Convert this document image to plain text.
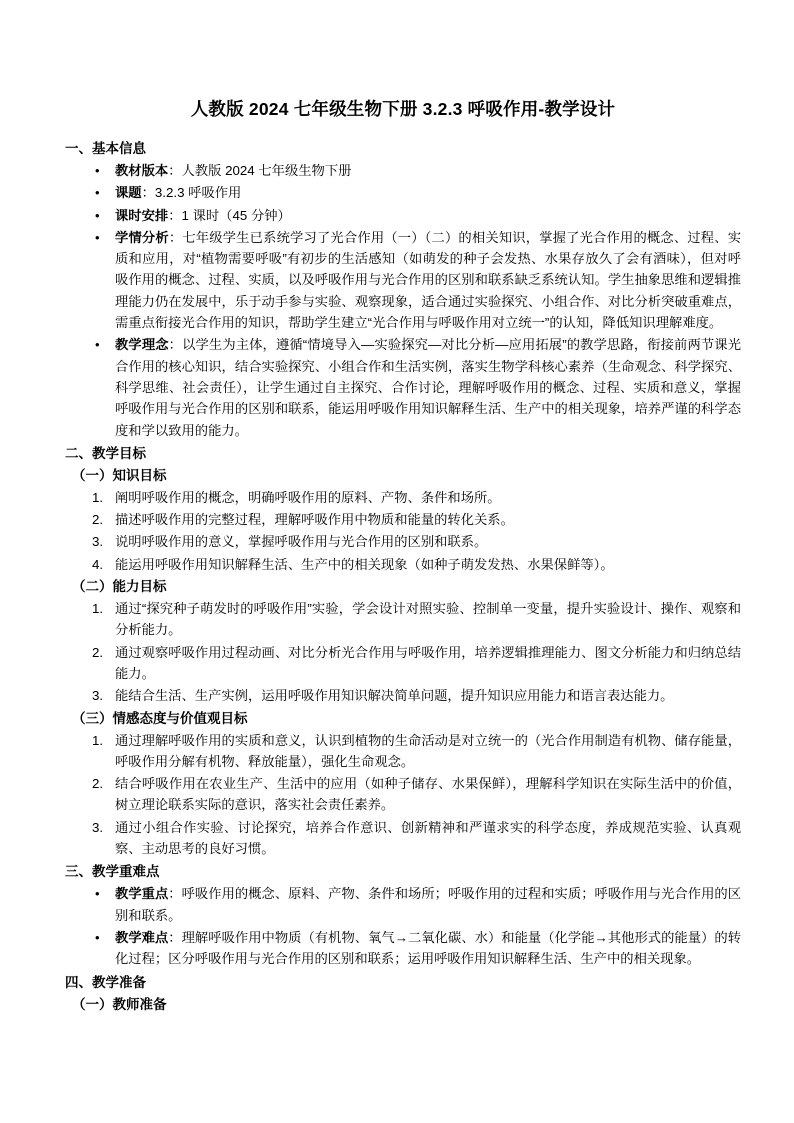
人教版 2024 七年级生物下册 3.2.3 呼吸作用-教学设计
一、基本信息
• 教材版本：人教版 2024 七年级生物下册
• 课题：3.2.3 呼吸作用
• 课时安排：1 课时（45 分钟）
• 学情分析：七年级学生已系统学习了光合作用（一）（二）的相关知识，掌握了光合作用的概念、过程、实质和应用，对“植物需要呼吸”有初步的生活感知（如萌发的种子会发热、水果存放久了会有酒味），但对呼吸作用的概念、过程、实质，以及呼吸作用与光合作用的区别和联系缺乏系统认知。学生抽象思维和逻辑推理能力仍在发展中，乐于动手参与实验、观察现象，适合通过实验探究、小组合作、对比分析突破重难点，需重点衔接光合作用的知识，帮助学生建立“光合作用与呼吸作用对立统一”的认知，降低知识理解难度。
• 教学理念：以学生为主体，遵循“情境导入—实验探究—对比分析—应用拓展”的教学思路，衔接前两节课光合作用的核心知识，结合实验探究、小组合作和生活实例，落实生物学科核心素养（生命观念、科学探究、科学思维、社会责任），让学生通过自主探究、合作讨论，理解呼吸作用的概念、过程、实质和意义，掌握呼吸作用与光合作用的区别和联系，能运用呼吸作用知识解释生活、生产中的相关现象，培养严谨的科学态度和学以致用的能力。
二、教学目标
（一）知识目标
阐明呼吸作用的概念，明确呼吸作用的原料、产物、条件和场所。
描述呼吸作用的完整过程，理解呼吸作用中物质和能量的转化关系。
说明呼吸作用的意义，掌握呼吸作用与光合作用的区别和联系。
能运用呼吸作用知识解释生活、生产中的相关现象（如种子萌发发热、水果保鲜等）。
（二）能力目标
通过“探究种子萌发时的呼吸作用”实验，学会设计对照实验、控制单一变量，提升实验设计、操作、观察和分析能力。
通过观察呼吸作用过程动画、对比分析光合作用与呼吸作用，培养逻辑推理能力、图文分析能力和归纳总结能力。
能结合生活、生产实例，运用呼吸作用知识解决简单问题，提升知识应用能力和语言表达能力。
（三）情感态度与价值观目标
通过理解呼吸作用的实质和意义，认识到植物的生命活动是对立统一的（光合作用制造有机物、储存能量，呼吸作用分解有机物、释放能量），强化生命观念。
结合呼吸作用在农业生产、生活中的应用（如种子储存、水果保鲜），理解科学知识在实际生活中的价值，树立理论联系实际的意识，落实社会责任素养。
通过小组合作实验、讨论探究，培养合作意识、创新精神和严谨求实的科学态度，养成规范实验、认真观察、主动思考的良好习惯。
三、教学重难点
• 教学重点：呼吸作用的概念、原料、产物、条件和场所；呼吸作用的过程和实质；呼吸作用与光合作用的区别和联系。
• 教学难点：理解呼吸作用中物质（有机物、氧气→二氧化碳、水）和能量（化学能→其他形式的能量）的转化过程；区分呼吸作用与光合作用的区别和联系；运用呼吸作用知识解释生活、生产中的相关现象。
四、教学准备
（一）教师准备
